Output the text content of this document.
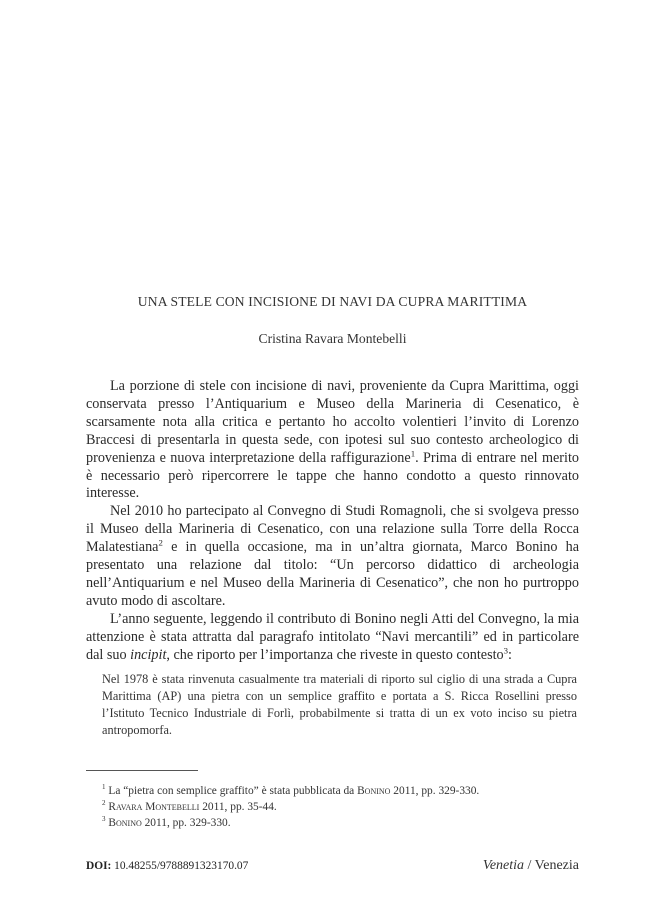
UNA STELE CON INCISIONE DI NAVI DA CUPRA MARITTIMA
Cristina Ravara Montebelli

La porzione di stele con incisione di navi, proveniente da Cupra Marittima, oggi conservata presso l’Antiquarium e Museo della Marineria di Cesenatico, è scarsamente nota alla critica e pertanto ho accolto volentieri l’invito di Lorenzo Braccesi di presentarla in questa sede, con ipotesi sul suo contesto archeologico di provenienza e nuova interpretazione della raffigurazione$^1$. Prima di entrare nel merito è necessario però ripercorrere le tappe che hanno condotto a questo rinnovato interesse.

Nel 2010 ho partecipato al Convegno di Studi Romagnoli, che si svolgeva presso il Museo della Marineria di Cesenatico, con una relazione sulla Torre della Rocca Malatestiana$^2$ e in quella occasione, ma in un’altra giornata, Marco Bonino ha presentato una relazione dal titolo: “Un percorso didattico di archeologia nell’Antiquarium e nel Museo della Marineria di Cesenatico”, che non ho purtroppo avuto modo di ascoltare.

L’anno seguente, leggendo il contributo di Bonino negli Atti del Convegno, la mia attenzione è stata attratta dal paragrafo intitolato “Navi mercantili” ed in particolare dal suo incipit, che riporto per l’importanza che riveste in questo contesto$^3$:

Nel 1978 è stata rinvenuta casualmente tra materiali di riporto sul ciglio di una strada a Cupra Marittima (AP) una pietra con un semplice graffito e portata a S. Ricca Rosellini presso l’Istituto Tecnico Industriale di Forlì, probabilmente si tratta di un ex voto inciso su pietra antropomorfa.

$^1$ La “pietra con semplice graffito” è stata pubblicata da Bonino 2011, pp. 329-330.
$^2$ Ravara Montebelli 2011, pp. 35-44.
$^3$ Bonino 2011, pp. 329-330.
DOI: 10.48255/9788891323170.07	Venetia / Venezia
